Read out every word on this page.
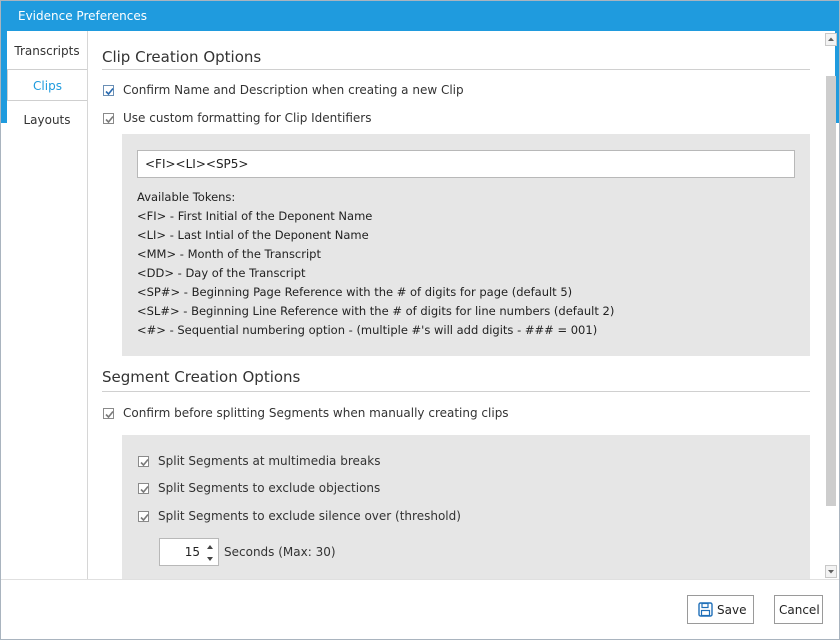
Evidence Preferences
Transcripts
Clips
Layouts
Clip Creation Options
Confirm Name and Description when creating a new Clip
Use custom formatting for Clip Identifiers
<FI><LI><SP5>
Available Tokens:
<FI> - First Initial of the Deponent Name
<LI> - Last Intial of the Deponent Name
<MM> - Month of the Transcript
<DD> - Day of the Transcript
<SP#> - Beginning Page Reference with the # of digits for page (default 5)
<SL#> - Beginning Line Reference with the # of digits for line numbers (default 2)
<#> - Sequential numbering option - (multiple #'s will add digits - ### = 001)
Segment Creation Options
Confirm before splitting Segments when manually creating clips
Split Segments at multimedia breaks
Split Segments to exclude objections
Split Segments to exclude silence over (threshold)
15 Seconds (Max: 30)
Save	Cancel
